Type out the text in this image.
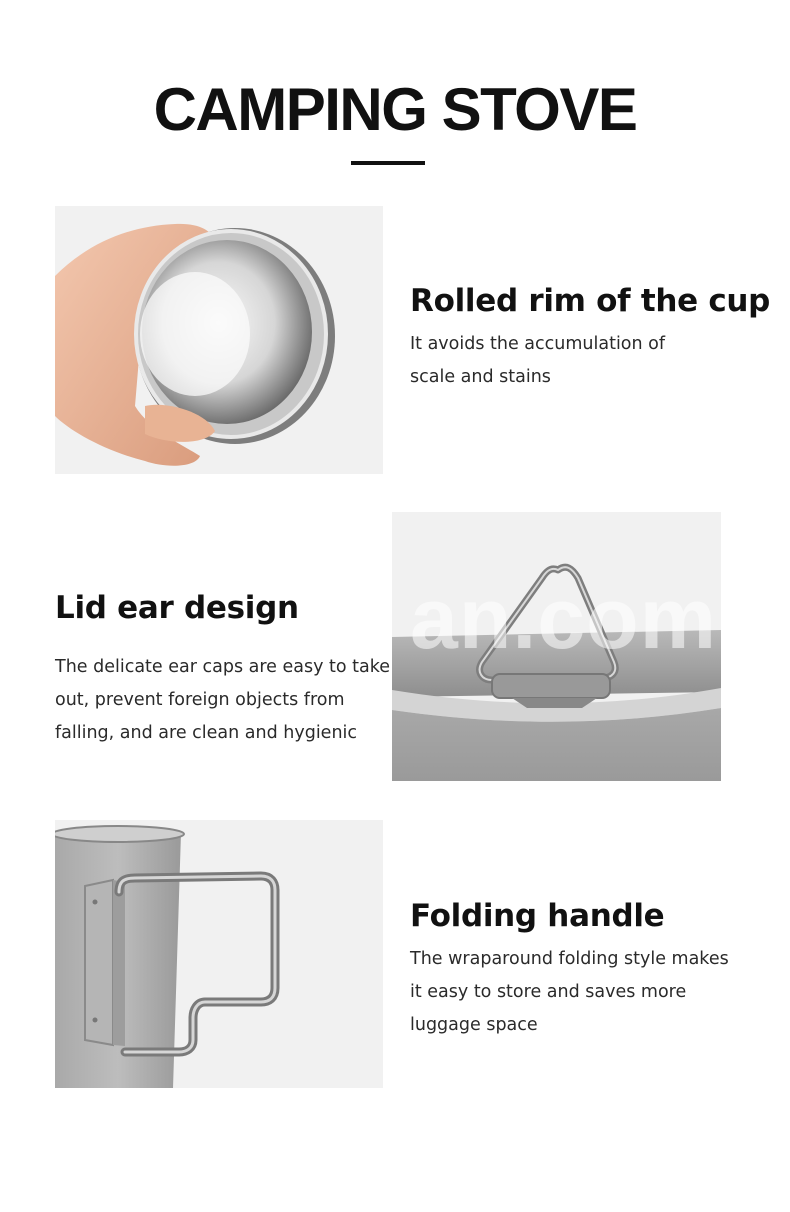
CAMPING STOVE
Rolled rim of the cup
It avoids the accumulation of
scale and stains
Lid ear design
The delicate ear caps are easy to take
out, prevent foreign objects from
falling, and are clean and hygienic
an.com
Folding handle
The wraparound folding style makes
it easy to store and saves more
luggage space
